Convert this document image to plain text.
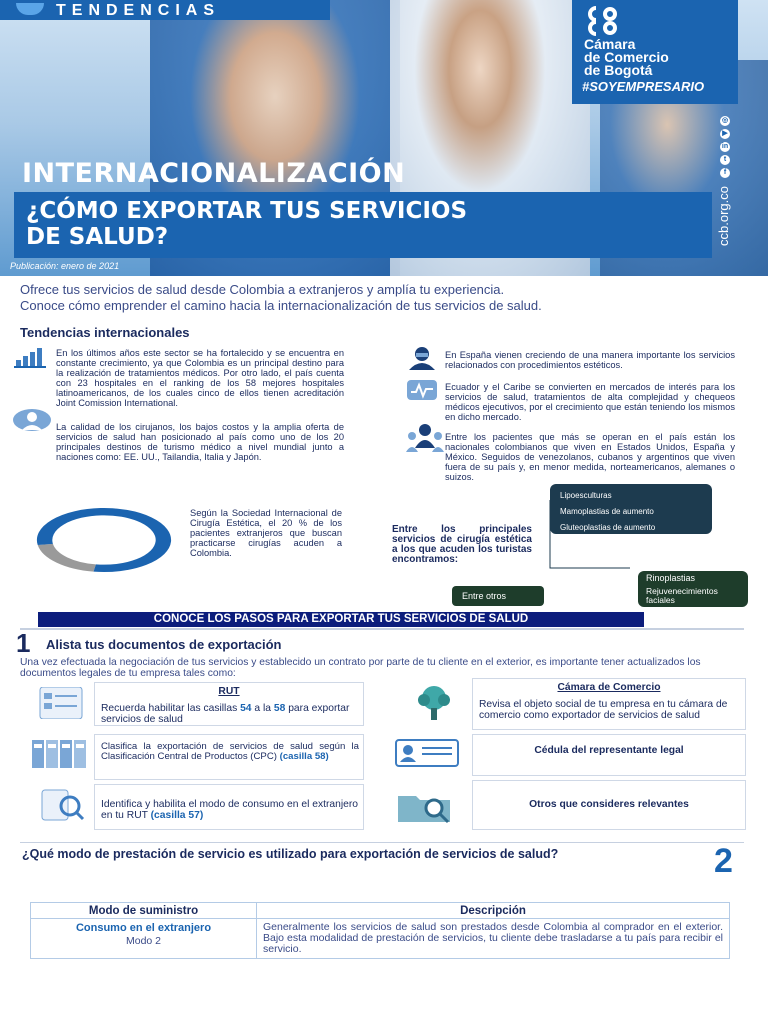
TENDENCIAS
Cámara
de Comercio
de Bogotá
#SOYEMPRESARIO
◎
▶
in
t
f
ccb.org.co
INTERNACIONALIZACIÓN
¿CÓMO EXPORTAR TUS SERVICIOS DE SALUD?
Publicación: enero de 2021

Ofrece tus servicios de salud desde Colombia a extranjeros y amplía tu experiencia.

Conoce cómo emprender el camino hacia la internacionalización de tus servicios de salud.

Tendencias internacionales
En los últimos años este sector se ha fortalecido y se encuentra en constante crecimiento, ya que Colombia es un principal destino para la realización de tratamientos médicos. Por otro lado, el país cuenta con 23 hospitales en el ranking de los 58 mejores hospitales latinoamericanos, de los cuales cinco de ellos tienen acreditación Joint Comission International.
La calidad de los cirujanos, los bajos costos y la amplia oferta de servicios de salud han posicionado al país como uno de los 20 principales destinos de turismo médico a nivel mundial junto a naciones como: EE. UU., Tailandia, Italia y Japón.
En España vienen creciendo de una manera importante los servicios relacionados con procedimientos estéticos.
Ecuador y el Caribe se convierten en mercados de interés para los servicios de salud, tratamientos de alta complejidad y chequeos médicos ejecutivos, por el crecimiento que están teniendo los mismos en dicho mercado.
Entre los pacientes que más se operan en el país están los nacionales colombianos que viven en Estados Unidos, España y México. Seguidos de venezolanos, cubanos y argentinos que viven fuera de su país y, en menor medida, norteamericanos, alemanes o suizos.
Según la Sociedad Internacional de Cirugía Estética, el 20 % de los pacientes extranjeros que buscan practicarse cirugías acuden a Colombia.
Entre los principales servicios de cirugía estética a los que acuden los turistas encontramos:
Lipoesculturas
Mamoplastias de aumento
Gluteoplastias de aumento
Rinoplastias
Rejuvenecimientos faciales
Entre otros
CONOCE LOS PASOS PARA EXPORTAR TUS SERVICIOS DE SALUD
1 Alista tus documentos de exportación
Una vez efectuada la negociación de tus servicios y establecido un contrato por parte de tu cliente en el exterior, es importante tener actualizados los documentos legales de tu empresa tales como:
RUT
Recuerda habilitar las casillas 54 a la 58 para exportar servicios de salud
Clasifica la exportación de servicios de salud según la Clasificación Central de Productos (CPC) (casilla 58)
Identifica y habilita el modo de consumo en el extranjero en tu RUT (casilla 57)
Cámara de Comercio
Revisa el objeto social de tu empresa en tu cámara de comercio como exportador de servicios de salud
Cédula del representante legal
Otros que consideres relevantes
¿Qué modo de prestación de servicio es utilizado para exportación de servicios de salud?	2
Modo de suministro	Descripción

Consumo en el extranjero
Modo 2	Generalmente los servicios de salud son prestados desde Colombia al comprador en el exterior. Bajo esta modalidad de prestación de servicios, tu cliente debe trasladarse a tu país para recibir el servicio.
